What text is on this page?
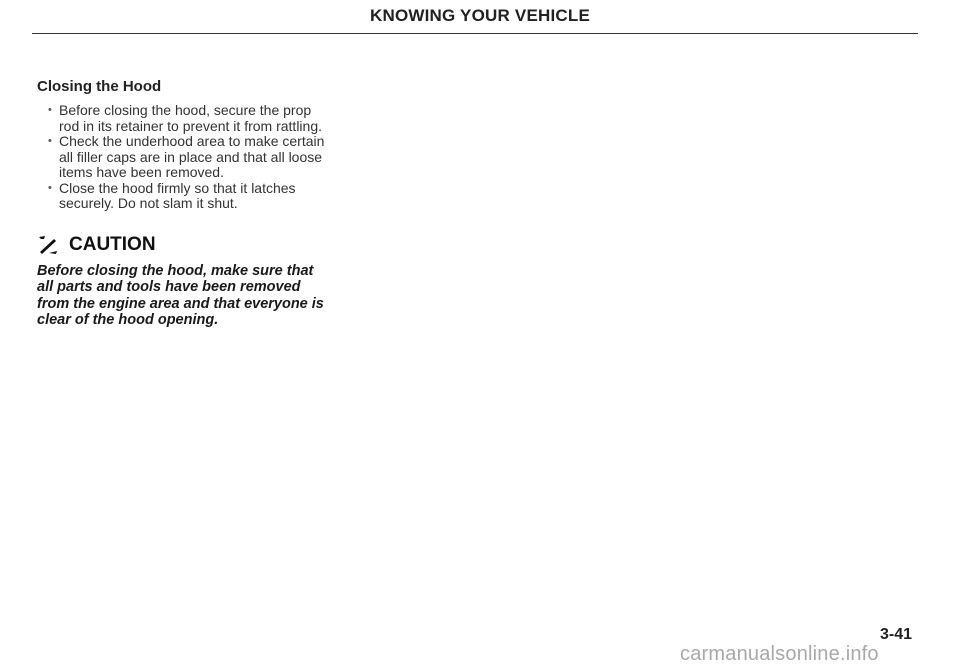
KNOWING YOUR VEHICLE
Closing the Hood
• Before closing the hood, secure the prop rod in its retainer to prevent it from rattling.
• Check the underhood area to make certain all filler caps are in place and that all loose items have been removed.
• Close the hood firmly so that it latches securely. Do not slam it shut.
CAUTION
Before closing the hood, make sure that all parts and tools have been removed from the engine area and that everyone is clear of the hood opening.
3-41
carmanualsonline.info
